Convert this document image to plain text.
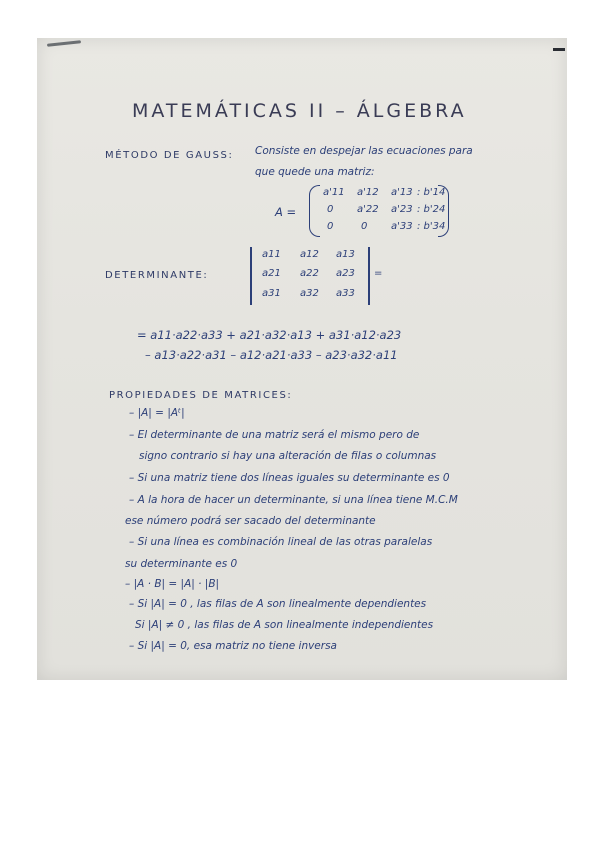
MATEMÁTICAS II – ÁLGEBRA
MÉTODO DE GAUSS: Consiste en despejar las ecuaciones para
que quede una matriz:
A =
a'11 a'12 a'13 : b'14
0 a'22 a'23 : b'24
0	0 a'33 : b'34
DETERMINANTE:
a11 a12 a13
a21 a22 a23
a31 a32 a33
=
= a11·a22·a33 + a21·a32·a13 + a31·a12·a23
– a13·a22·a31 – a12·a21·a33 – a23·a32·a11
PROPIEDADES DE MATRICES:
– |A| = |Aᵗ|
– El determinante de una matriz será el mismo pero de
signo contrario si hay una alteración de filas o columnas
– Si una matriz tiene dos líneas iguales su determinante es 0
– A la hora de hacer un determinante, si una línea tiene M.C.M
ese número podrá ser sacado del determinante
– Si una línea es combinación lineal de las otras paralelas
su determinante es 0
– |A · B| = |A| · |B|
– Si |A| = 0 , las filas de A son linealmente dependientes
Si |A| ≠ 0 , las filas de A son linealmente independientes
– Si |A| = 0, esa matriz no tiene inversa
